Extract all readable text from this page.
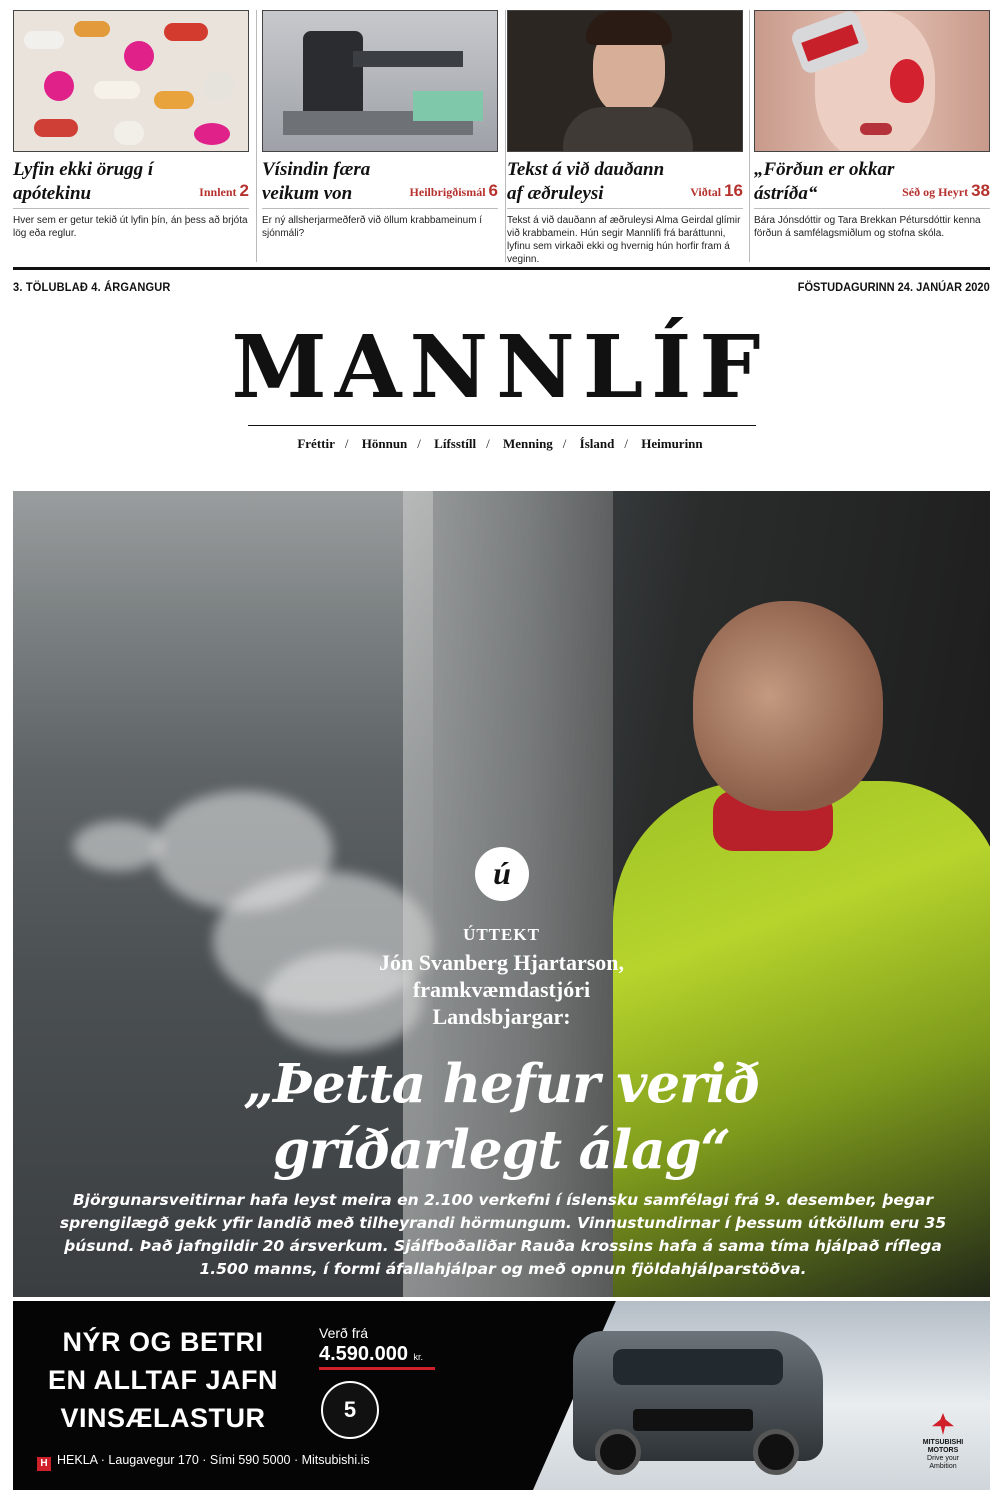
Lyfin ekki örugg í apótekinu	Innlent 2
Hver sem er getur tekið út lyfin þín, án þess að brjóta lög eða reglur.
Vísindin færa veikum von	Heilbrigðismál 6
Er ný allsherjarmeðferð við öllum krabbameinum í sjónmáli?
Tekst á við dauðann af æðruleysi	Viðtal 16
Tekst á við dauðann af æðruleysi Alma Geirdal glímir við krabbamein. Hún segir Mannlífi frá baráttunni, lyfinu sem virkaði ekki og hvernig hún horfir fram á veginn.
„Förðun er okkar ástríða“	Séð og Heyrt 38
Bára Jónsdóttir og Tara Brekkan Pétursdóttir kenna förðun á samfélagsmiðlum og stofna skóla.
3. TÖLUBLAÐ 4. ÁRGANGUR	FÖSTUDAGURINN 24. JANÚAR 2020
MANNLÍF
Fréttir / Hönnun / Lífsstíll / Menning / Ísland / Heimurinn
ú
ÚTTEKT
Jón Svanberg Hjartarson,
framkvæmdastjóri
Landsbjargar:
„Þetta hefur verið
gríðarlegt álag“
Björgunarsveitirnar hafa leyst meira en 2.100 verkefni í íslensku samfélagi frá 9. desember, þegar sprengilægð gekk yfir landið með tilheyrandi hörmungum. Vinnustundirnar í þessum útköllum eru 35 þúsund. Það jafngildir 20 ársverkum. Sjálfboðaliðar Rauða krossins hafa á sama tíma hjálpað ríflega 1.500 manns, í formi áfallahjálpar og með opnun fjöldahjálparstöðva.
NÝR OG BETRI
EN ALLTAF JAFN
VINSÆLASTUR
Verð frá
4.590.000 kr.
5
H HEKLA · Laugavegur 170 · Sími 590 5000 · Mitsubishi.is
MITSUBISHI MOTORS
Drive your Ambition
